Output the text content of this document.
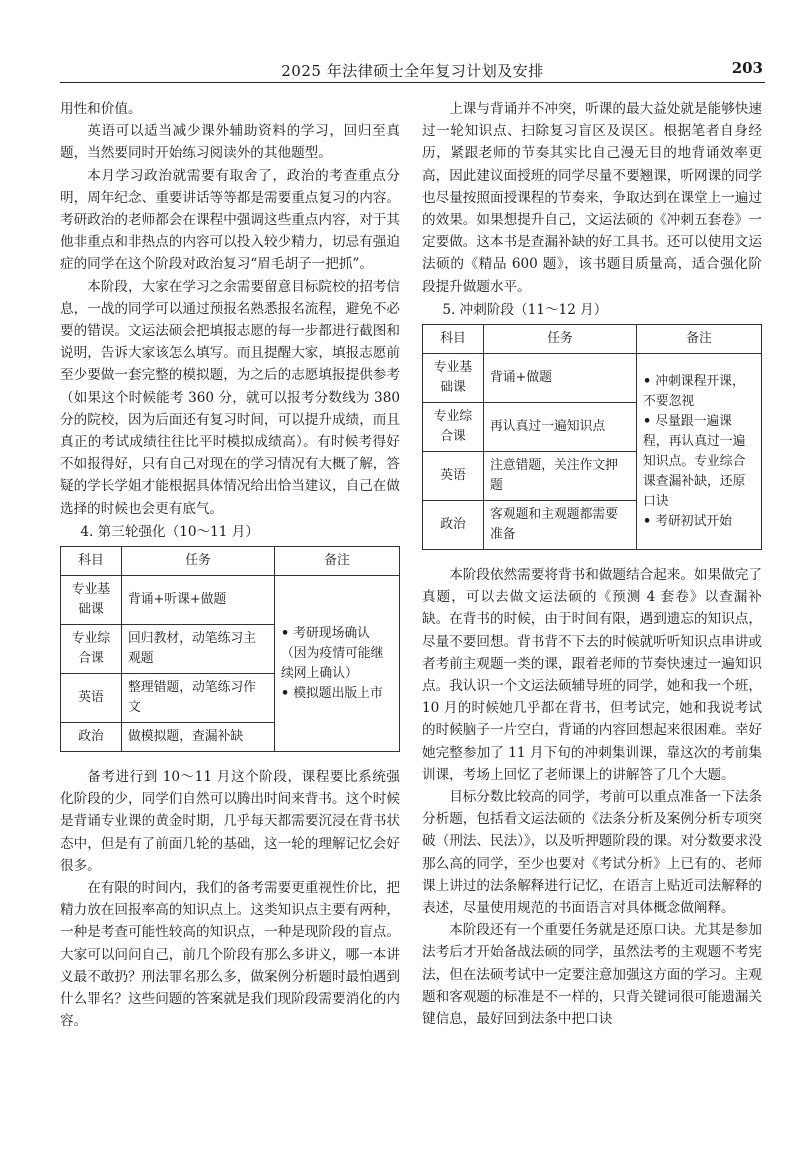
2025 年法律硕士全年复习计划及安排	203

用性和价值。

英语可以适当减少课外辅助资料的学习，回归至真题，当然要同时开始练习阅读外的其他题型。

本月学习政治就需要有取舍了，政治的考查重点分明，周年纪念、重要讲话等等都是需要重点复习的内容。考研政治的老师都会在课程中强调这些重点内容，对于其他非重点和非热点的内容可以投入较少精力，切忌有强迫症的同学在这个阶段对政治复习“眉毛胡子一把抓”。

本阶段，大家在学习之余需要留意目标院校的招考信息，一战的同学可以通过预报名熟悉报名流程，避免不必要的错误。文运法硕会把填报志愿的每一步都进行截图和说明，告诉大家该怎么填写。而且提醒大家，填报志愿前至少要做一套完整的模拟题，为之后的志愿填报提供参考（如果这个时候能考 360 分，就可以报考分数线为 380 分的院校，因为后面还有复习时间，可以提升成绩，而且真正的考试成绩往往比平时模拟成绩高）。有时候考得好不如报得好，只有自己对现在的学习情况有大概了解，答疑的学长学姐才能根据具体情况给出恰当建议，自己在做选择的时候也会更有底气。

4. 第三轮强化（10～11 月）
科目	任务	备注
专业基础课	背诵+听课+做题	• 考研现场确认（因为疫情可能继续网上确认）
• 模拟题出版上市

专业综合课	回归教材，动笔练习主观题	
英语	整理错题，动笔练习作文	
政治	做模拟题，查漏补缺	

备考进行到 10～11 月这个阶段，课程要比系统强化阶段的少，同学们自然可以腾出时间来背书。这个时候是背诵专业课的黄金时期，几乎每天都需要沉浸在背书状态中，但是有了前面几轮的基础，这一轮的理解记忆会好很多。

在有限的时间内，我们的备考需要更重视性价比，把精力放在回报率高的知识点上。这类知识点主要有两种，一种是考查可能性较高的知识点，一种是现阶段的盲点。大家可以问问自己，前几个阶段有那么多讲义，哪一本讲义最不敢扔？刑法罪名那么多，做案例分析题时最怕遇到什么罪名？这些问题的答案就是我们现阶段需要消化的内容。

上课与背诵并不冲突，听课的最大益处就是能够快速过一轮知识点、扫除复习盲区及误区。根据笔者自身经历，紧跟老师的节奏其实比自己漫无目的地背诵效率更高，因此建议面授班的同学尽量不要翘课，听网课的同学也尽量按照面授课程的节奏来，争取达到在课堂上一遍过的效果。如果想提升自己，文运法硕的《冲刺五套卷》一定要做。这本书是查漏补缺的好工具书。还可以使用文运法硕的《精品 600 题》，该书题目质量高，适合强化阶段提升做题水平。

5. 冲刺阶段（11～12 月）
科目	任务	备注
专业基础课	背诵+做题	• 冲刺课程开课，不要忽视
• 尽量跟一遍课程，再认真过一遍知识点。专业综合课查漏补缺，还原口诀
• 考研初试开始

专业综合课	再认真过一遍知识点	
英语	注意错题，关注作文押题	
政治	客观题和主观题都需要准备	

本阶段依然需要将背书和做题结合起来。如果做完了真题，可以去做文运法硕的《预测 4 套卷》以查漏补缺。在背书的时候，由于时间有限，遇到遗忘的知识点，尽量不要回想。背书背不下去的时候就听听知识点串讲或者考前主观题一类的课，跟着老师的节奏快速过一遍知识点。我认识一个文运法硕辅导班的同学，她和我一个班，10 月的时候她几乎都在背书，但考试完，她和我说考试的时候脑子一片空白，背诵的内容回想起来很困难。幸好她完整参加了 11 月下旬的冲刺集训课，靠这次的考前集训课，考场上回忆了老师课上的讲解答了几个大题。

目标分数比较高的同学，考前可以重点准备一下法条分析题，包括看文运法硕的《法条分析及案例分析专项突破（刑法、民法）》，以及听押题阶段的课。对分数要求没那么高的同学，至少也要对《考试分析》上已有的、老师课上讲过的法条解释进行记忆，在语言上贴近司法解释的表述，尽量使用规范的书面语言对具体概念做阐释。

本阶段还有一个重要任务就是还原口诀。尤其是参加法考后才开始备战法硕的同学，虽然法考的主观题不考宪法，但在法硕考试中一定要注意加强这方面的学习。主观题和客观题的标准是不一样的，只背关键词很可能遗漏关键信息，最好回到法条中把口诀
